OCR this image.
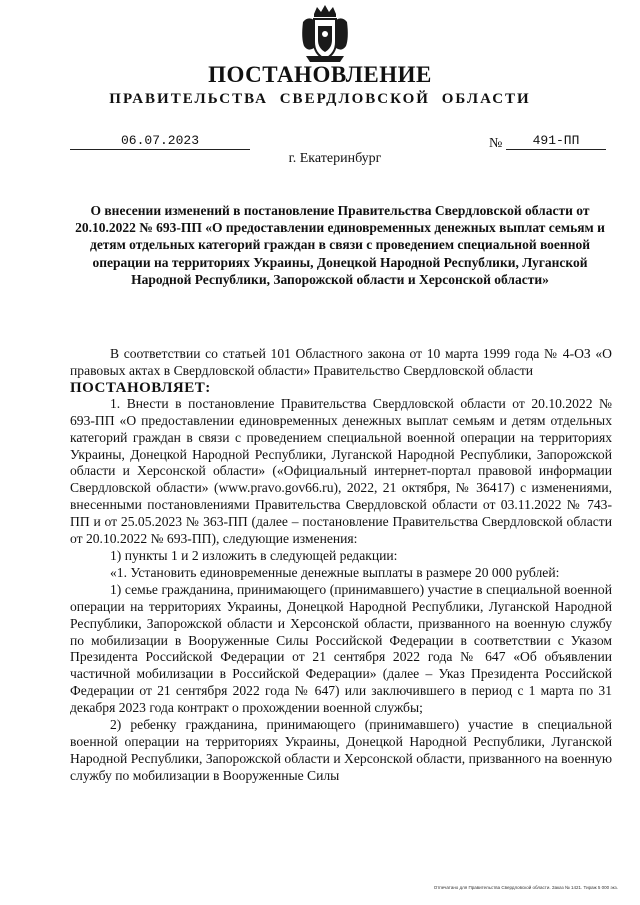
ПОСТАНОВЛЕНИЕ
ПРАВИТЕЛЬСТВА СВЕРДЛОВСКОЙ ОБЛАСТИ
06.07.2023	№	491-ПП
г. Екатеринбург
О внесении изменений в постановление Правительства Свердловской области от 20.10.2022 № 693-ПП «О предоставлении единовременных денежных выплат семьям и детям отдельных категорий граждан в связи с проведением специальной военной операции на территориях Украины, Донецкой Народной Республики, Луганской Народной Республики, Запорожской области и Херсонской области»

В соответствии со статьей 101 Областного закона от 10 марта 1999 года № 4-ОЗ «О правовых актах в Свердловской области» Правительство Свердловской области

ПОСТАНОВЛЯЕТ:

1. Внести в постановление Правительства Свердловской области от 20.10.2022 № 693-ПП «О предоставлении единовременных денежных выплат семьям и детям отдельных категорий граждан в связи с проведением специальной военной операции на территориях Украины, Донецкой Народной Республики, Луганской Народной Республики, Запорожской области и Херсонской области» («Официальный интернет-портал правовой информации Свердловской области» (www.pravo.gov66.ru), 2022, 21 октября, № 36417) с изменениями, внесенными постановлениями Правительства Свердловской области от 03.11.2022 № 743-ПП и от 25.05.2023 № 363-ПП (далее – постановление Правительства Свердловской области от 20.10.2022 № 693-ПП), следующие изменения:

1) пункты 1 и 2 изложить в следующей редакции:

«1. Установить единовременные денежные выплаты в размере 20 000 рублей:

1) семье гражданина, принимающего (принимавшего) участие в специальной военной операции на территориях Украины, Донецкой Народной Республики, Луганской Народной Республики, Запорожской области и Херсонской области, призванного на военную службу по мобилизации в Вооруженные Силы Российской Федерации в соответствии с Указом Президента Российской Федерации от 21 сентября 2022 года № 647 «Об объявлении частичной мобилизации в Российской Федерации» (далее – Указ Президента Российской Федерации от 21 сентября 2022 года № 647) или заключившего в период с 1 марта по 31 декабря 2023 года контракт о прохождении военной службы;

2) ребенку гражданина, принимающего (принимавшего) участие в специальной военной операции на территориях Украины, Донецкой Народной Республики, Луганской Народной Республики, Запорожской области и Херсонской области, призванного на военную службу по мобилизации в Вооруженные Силы

Отпечатано для Правительства Свердловской области. Заказ № 1421. Тираж 5 000 экз.
